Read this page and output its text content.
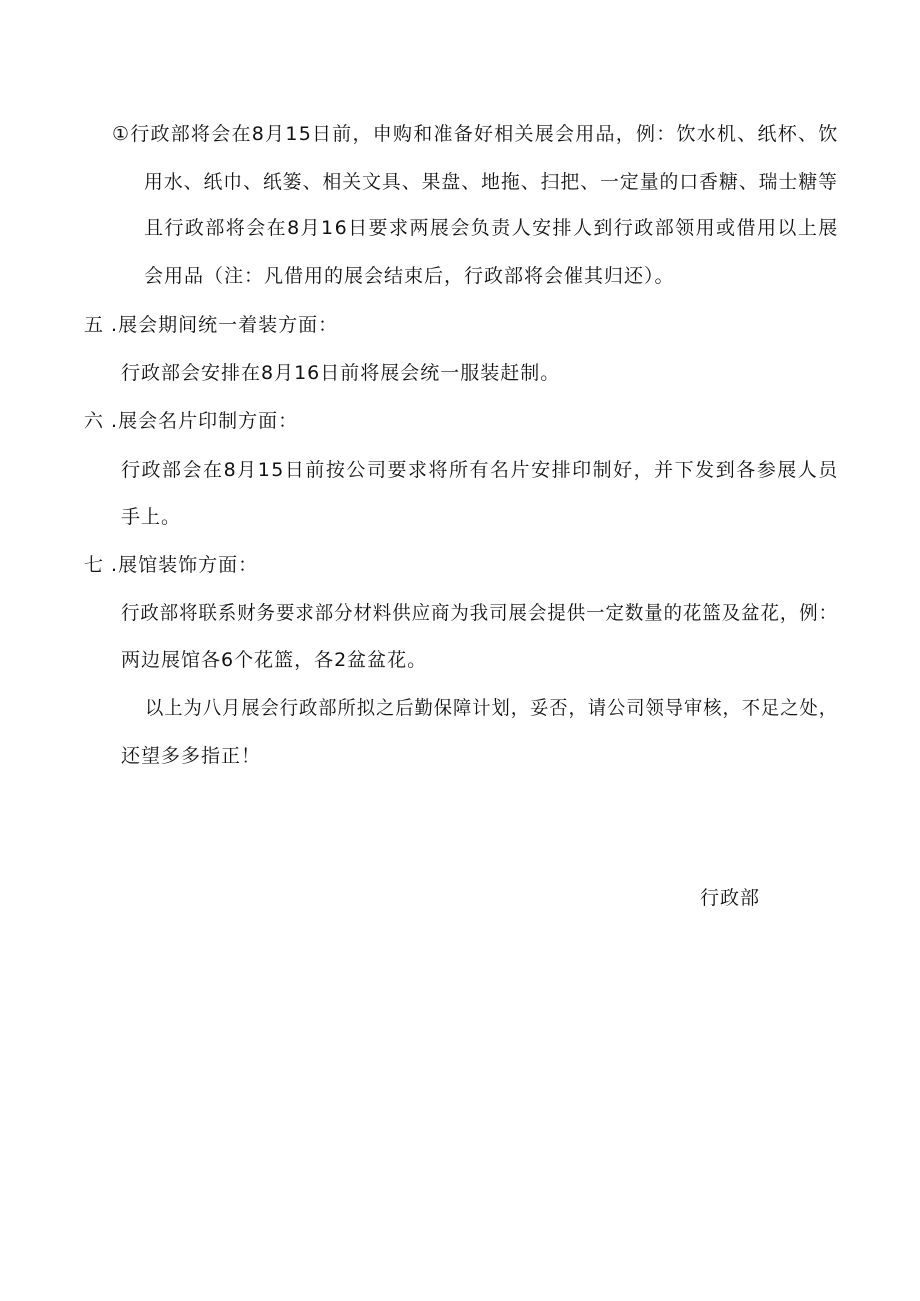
①行政部将会在8月15日前，申购和准备好相关展会用品，例：饮水机、纸杯、饮
用水、纸巾、纸篓、相关文具、果盘、地拖、扫把、一定量的口香糖、瑞士糖等
且行政部将会在8月16日要求两展会负责人安排人到行政部领用或借用以上展
会用品（注：凡借用的展会结束后，行政部将会催其归还）。
五 .展会期间统一着装方面：
行政部会安排在8月16日前将展会统一服装赶制。
六 .展会名片印制方面：
行政部会在8月15日前按公司要求将所有名片安排印制好，并下发到各参展人员
手上。
七 .展馆装饰方面：
行政部将联系财务要求部分材料供应商为我司展会提供一定数量的花篮及盆花，例：
两边展馆各6个花篮，各2盆盆花。
以上为八月展会行政部所拟之后勤保障计划，妥否，请公司领导审核，不足之处，
还望多多指正！
行政部
